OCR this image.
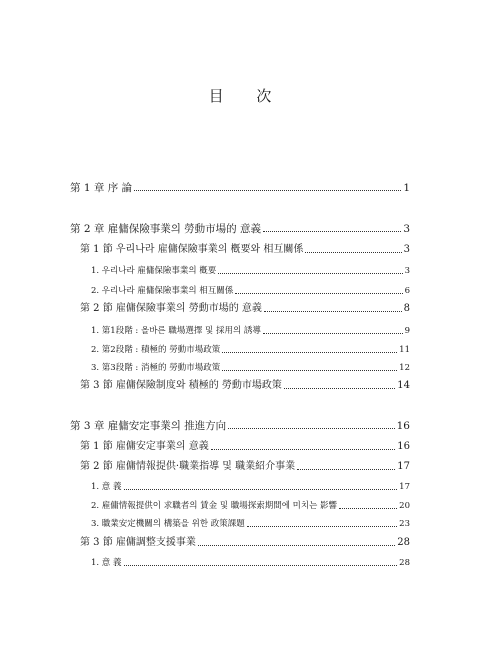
目 次
第 1 章 序 論	1
第 2 章 雇傭保險事業의 勞動市場的 意義	3
第 1 節 우리나라 雇傭保險事業의 槪要와 相互關係	3
1. 우리나라 雇傭保險事業의 槪要	3
2. 우리나라 雇傭保險事業의 相互關係	6
第 2 節 雇傭保險事業의 勞動市場的 意義	8
1. 第1段階 : 올바른 職場選擇 및 採用의 誘導	9
2. 第2段階 : 積極的 勞動市場政策	11
3. 第3段階 : 消極的 勞動市場政策	12
第 3 節 雇傭保險制度와 積極的 勞動市場政策	14
第 3 章 雇傭安定事業의 推進方向	16
第 1 節 雇傭安定事業의 意義	16
第 2 節 雇傭情報提供·職業指導 및 職業紹介事業	17
1. 意 義	17
2. 雇傭情報提供이 求職者의 賃金 및 職場探索期間에 미치는 影響	20
3. 職業安定機關의 構築을 위한 政策課題	23
第 3 節 雇傭調整支援事業	28
1. 意 義	28
